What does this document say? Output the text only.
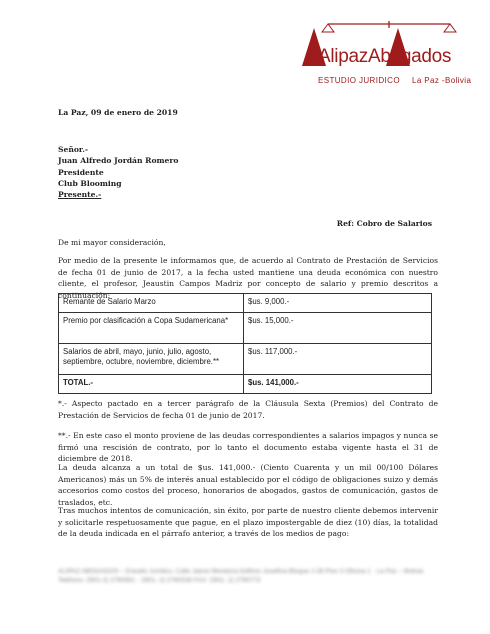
AlipazAbogados
ESTUDIO JURIDICO La Paz -Bolivia
La Paz, 09 de enero de 2019
Señor.-
Juan Alfredo Jordán Romero
Presidente
Club Blooming
Presente.-
Ref: Cobro de Salarios
De mi mayor consideración,
Por medio de la presente le informamos que, de acuerdo al Contrato de Prestación de Servicios de fecha 01 de junio de 2017, a la fecha usted mantiene una deuda económica con nuestro cliente, el profesor, Jeaustin Campos Madriz por concepto de salario y premio descritos a continuación:
Remante de Salario Marzo	$us. 9,000.-
Premio por clasificación a Copa Sudamericana*	$us. 15,000.-
Salarios de abril, mayo, junio, julio, agosto, septiembre, octubre, noviembre, diciembre.**	$us. 117,000.-
TOTAL.-	$us. 141,000.-
*.- Aspecto pactado en a tercer parágrafo de la Cláusula Sexta (Premios) del Contrato de Prestación de Servicios de fecha 01 de junio de 2017.
**.- En este caso el monto proviene de las deudas correspondientes a salarios impagos y nunca se firmó una rescisión de contrato, por lo tanto el documento estaba vigente hasta el 31 de diciembre de 2018.
La deuda alcanza a un total de $us. 141,000.- (Ciento Cuarenta y un mil 00/100 Dólares Americanos) más un 5% de interés anual establecido por el código de obligaciones suizo y demás accesorios como costos del proceso, honorarios de abogados, gastos de comunicación, gastos de traslados, etc.
Tras muchos intentos de comunicación, sin éxito, por parte de nuestro cliente debemos intervenir y solicitarle respetuosamente que pague, en el plazo impostergable de diez (10) días, la totalidad de la deuda indicada en el párrafo anterior, a través de los medios de pago:
ALIPAZ ABOGADOS – Estudio Jurídico, Calle Jaime Mendoza Edificio Josefina Bloque J-28 Piso 3 Oficina 1 · La Paz – Bolivia Teléfono: 2901-2| 2790561 · 2901- 2| 2790536 FAX: 2901- 2| 2790773
